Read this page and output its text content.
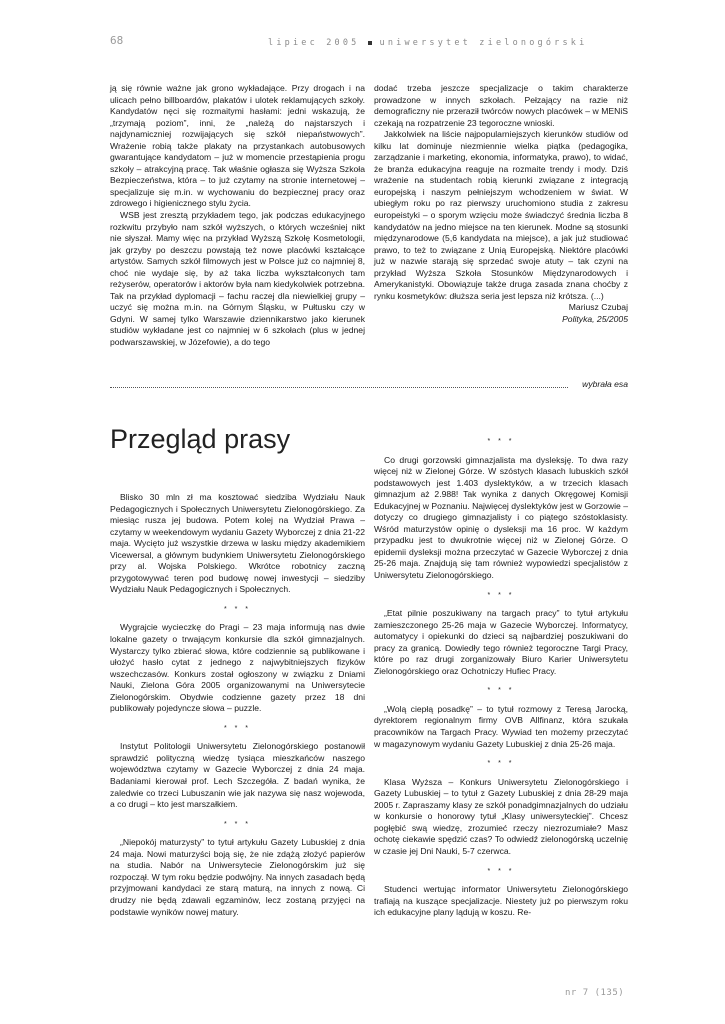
68	lipiec 2005 uniwersytet zielonogórski

ją się równie ważne jak grono wykładające. Przy drogach i na ulicach pełno billboardów, plakatów i ulotek reklamujących szkoły. Kandydatów nęci się rozmaitymi hasłami: jedni wskazują, że „trzymają poziom”, inni, że „należą do najstarszych i najdynamiczniej rozwijających się szkół niepaństwowych”. Wrażenie robią także plakaty na przystankach autobusowych gwarantujące kandydatom – już w momencie przestąpienia progu szkoły – atrakcyjną pracę. Tak właśnie ogłasza się Wyższa Szkoła Bezpieczeństwa, która – to już czytamy na stronie internetowej – specjalizuje się m.in. w wychowaniu do bezpiecznej pracy oraz zdrowego i higienicznego stylu życia.

WSB jest zresztą przykładem tego, jak podczas edukacyjnego rozkwitu przybyło nam szkół wyższych, o których wcześniej nikt nie słyszał. Mamy więc na przykład Wyższą Szkołę Kosmetologii, jak grzyby po deszczu powstają też nowe placówki kształcące artystów. Samych szkół filmowych jest w Polsce już co najmniej 8, choć nie wydaje się, by aż taka liczba wykształconych tam reżyserów, operatorów i aktorów była nam kiedykolwiek potrzebna. Tak na przykład dyplomacji – fachu raczej dla niewielkiej grupy – uczyć się można m.in. na Górnym Śląsku, w Pułtusku czy w Gdyni. W samej tylko Warszawie dziennikarstwo jako kierunek studiów wykładane jest co najmniej w 6 szkołach (plus w jednej podwarszawskiej, w Józefowie), a do tego

dodać trzeba jeszcze specjalizacje o takim charakterze prowadzone w innych szkołach. Pełzający na razie niż demograficzny nie przeraził twórców nowych placówek – w MENiS czekają na rozpatrzenie 23 tegoroczne wnioski.

Jakkolwiek na liście najpopularniejszych kierunków studiów od kilku lat dominuje niezmiennie wielka piątka (pedagogika, zarządzanie i marketing, ekonomia, informatyka, prawo), to widać, że branża edukacyjna reaguje na rozmaite trendy i mody. Dziś wrażenie na studentach robią kierunki związane z integracją europejską i naszym pełniejszym wchodzeniem w świat. W ubiegłym roku po raz pierwszy uruchomiono studia z zakresu europeistyki – o sporym wzięciu może świadczyć średnia liczba 8 kandydatów na jedno miejsce na ten kierunek. Modne są stosunki międzynarodowe (5,6 kandydata na miejsce), a jak już studiować prawo, to też to związane z Unią Europejską. Niektóre placówki już w nazwie starają się sprzedać swoje atuty – tak czyni na przykład Wyższa Szkoła Stosunków Międzynarodowych i Amerykanistyki. Obowiązuje także druga zasada znana choćby z rynku kosmetyków: dłuższa seria jest lepsza niż krótsza. (...)

Mariusz Czubaj

Polityka, 25/2005

wybrała esa
Przegląd prasy

Blisko 30 mln zł ma kosztować siedziba Wydziału Nauk Pedagogicznych i Społecznych Uniwersytetu Zielonogórskiego. Za miesiąc rusza jej budowa. Potem kolej na Wydział Prawa – czytamy w weekendowym wydaniu Gazety Wyborczej z dnia 21-22 maja. Wycięto już wszystkie drzewa w lasku między akademikiem Vicewersal, a głównym budynkiem Uniwersytetu Zielonogórskiego przy al. Wojska Polskiego. Wkrótce robotnicy zaczną przygotowywać teren pod budowę nowej inwestycji – siedziby Wydziału Nauk Pedagogicznych i Społecznych.

* * *

Wygrajcie wycieczkę do Pragi – 23 maja informują nas dwie lokalne gazety o trwającym konkursie dla szkół gimnazjalnych. Wystarczy tylko zbierać słowa, które codziennie są publikowane i ułożyć hasło cytat z jednego z najwybitniejszych fizyków wszechczasów. Konkurs został ogłoszony w związku z Dniami Nauki, Zielona Góra 2005 organizowanymi na Uniwersytecie Zielonogórskim. Obydwie codzienne gazety przez 18 dni publikowały pojedyncze słowa – puzzle.

* * *

Instytut Politologii Uniwersytetu Zielonogórskiego postanowił sprawdzić polityczną wiedzę tysiąca mieszkańców naszego województwa czytamy w Gazecie Wyborczej z dnia 24 maja. Badaniami kierował prof. Lech Szczegóła. Z badań wynika, że zaledwie co trzeci Lubuszanin wie jak nazywa się nasz wojewoda, a co drugi – kto jest marszałkiem.

* * *

„Niepokój maturzysty” to tytuł artykułu Gazety Lubuskiej z dnia 24 maja. Nowi maturzyści boją się, że nie zdążą złożyć papierów na studia. Nabór na Uniwersytecie Zielonogórskim już się rozpoczął. W tym roku będzie podwójny. Na innych zasadach będą przyjmowani kandydaci ze starą maturą, na innych z nową. Ci drudzy nie będą zdawali egzaminów, lecz zostaną przyjęci na podstawie wyników nowej matury.

* * *

Co drugi gorzowski gimnazjalista ma dysleksję. To dwa razy więcej niż w Zielonej Górze. W szóstych klasach lubuskich szkół podstawowych jest 1.403 dyslektyków, a w trzecich klasach gimnazjum aż 2.988! Tak wynika z danych Okręgowej Komisji Edukacyjnej w Poznaniu. Najwięcej dyslektyków jest w Gorzowie – dotyczy co drugiego gimnazjalisty i co piątego szóstoklasisty. Wśród maturzystów opinię o dysleksji ma 16 proc. W każdym przypadku jest to dwukrotnie więcej niż w Zielonej Górze. O epidemii dysleksji można przeczytać w Gazecie Wyborczej z dnia 25-26 maja. Znajdują się tam również wypowiedzi specjalistów z Uniwersytetu Zielonogórskiego.

* * *

„Etat pilnie poszukiwany na targach pracy” to tytuł artykułu zamieszczonego 25-26 maja w Gazecie Wyborczej. Informatycy, automatycy i opiekunki do dzieci są najbardziej poszukiwani do pracy za granicą. Dowiedły tego również tegoroczne Targi Pracy, które po raz drugi zorganizowały Biuro Karier Uniwersytetu Zielonogórskiego oraz Ochotniczy Hufiec Pracy.

* * *

„Wolą ciepłą posadkę” – to tytuł rozmowy z Teresą Jarocką, dyrektorem regionalnym firmy OVB Allfinanz, która szukała pracowników na Targach Pracy. Wywiad ten możemy przeczytać w magazynowym wydaniu Gazety Lubuskiej z dnia 25-26 maja.

* * *

Klasa Wyższa – Konkurs Uniwersytetu Zielonogórskiego i Gazety Lubuskiej – to tytuł z Gazety Lubuskiej z dnia 28-29 maja 2005 r. Zapraszamy klasy ze szkół ponadgimnazjalnych do udziału w konkursie o honorowy tytuł „Klasy uniwersyteckiej”. Chcesz pogłębić swą wiedzę, zrozumieć rzeczy niezrozumiałe? Masz ochotę ciekawie spędzić czas? To odwiedź zielonogórską uczelnię w czasie jej Dni Nauki, 5-7 czerwca.

* * *

Studenci wertując informator Uniwersytetu Zielonogórskiego trafiają na kuszące specjalizacje. Niestety już po pierwszym roku ich edukacyjne plany lądują w koszu. Re-

nr 7 (135)
